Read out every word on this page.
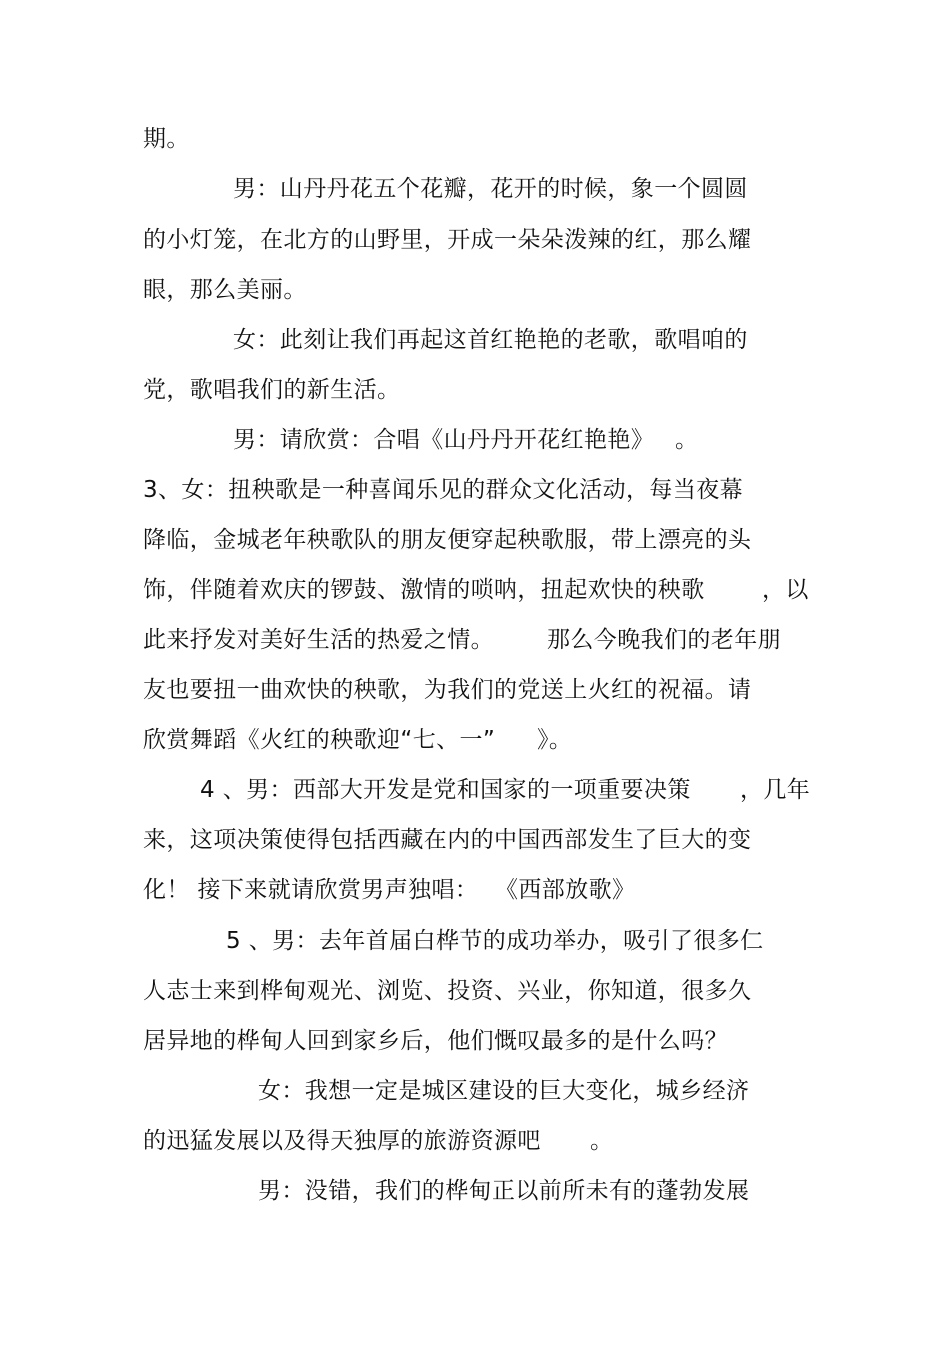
期。
男：山丹丹花五个花瓣，花开的时候，象一个圆圆
的小灯笼，在北方的山野里，开成一朵朵泼辣的红，那么耀
眼，那么美丽。
女：此刻让我们再起这首红艳艳的老歌，歌唱咱的
党，歌唱我们的新生活。
男：请欣赏：合唱《山丹丹开花红艳艳》 。
3、女：扭秧歌是一种喜闻乐见的群众文化活动，每当夜幕
降临，金城老年秧歌队的朋友便穿起秧歌服，带上漂亮的头
饰，伴随着欢庆的锣鼓、激情的唢呐，扭起欢快的秧歌 ，以
此来抒发对美好生活的热爱之情。 那么今晚我们的老年朋
友也要扭一曲欢快的秧歌，为我们的党送上火红的祝福。请
欣赏舞蹈《火红的秧歌迎“七、一” 》。
4 、男：西部大开发是党和国家的一项重要决策 ，几年
来，这项决策使得包括西藏在内的中国西部发生了巨大的变
化！ 接下来就请欣赏男声独唱： 《西部放歌》
5 、男：去年首届白桦节的成功举办，吸引了很多仁
人志士来到桦甸观光、浏览、投资、兴业，你知道，很多久
居异地的桦甸人回到家乡后，他们慨叹最多的是什么吗？
女：我想一定是城区建设的巨大变化，城乡经济
的迅猛发展以及得天独厚的旅游资源吧 。
男：没错，我们的桦甸正以前所未有的蓬勃发展
